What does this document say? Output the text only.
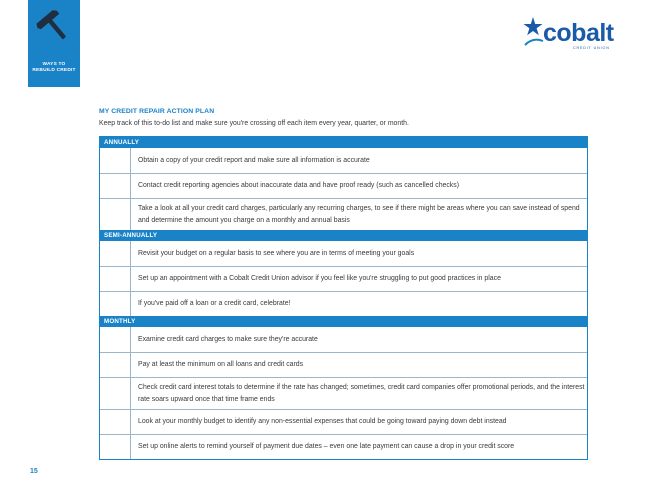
WAYS TO
REBUILD CREDIT
cobalt
CREDIT UNION
MY CREDIT REPAIR ACTION PLAN
Keep track of this to-do list and make sure you're crossing off each item every year, quarter, or month.
ANNUALLY
Obtain a copy of your credit report and make sure all information is accurate
Contact credit reporting agencies about inaccurate data and have proof ready (such as cancelled checks)
Take a look at all your credit card charges, particularly any recurring charges, to see if there might be areas where you can save instead of spend and determine the amount you charge on a monthly and annual basis
SEMI-ANNUALLY
Revisit your budget on a regular basis to see where you are in terms of meeting your goals
Set up an appointment with a Cobalt Credit Union advisor if you feel like you're struggling to put good practices in place
If you've paid off a loan or a credit card, celebrate!
MONTHLY
Examine credit card charges to make sure they're accurate
Pay at least the minimum on all loans and credit cards
Check credit card interest totals to determine if the rate has changed; sometimes, credit card companies offer promotional periods, and the interest rate soars upward once that time frame ends
Look at your monthly budget to identify any non-essential expenses that could be going toward paying down debt instead
Set up online alerts to remind yourself of payment due dates – even one late payment can cause a drop in your credit score
15
